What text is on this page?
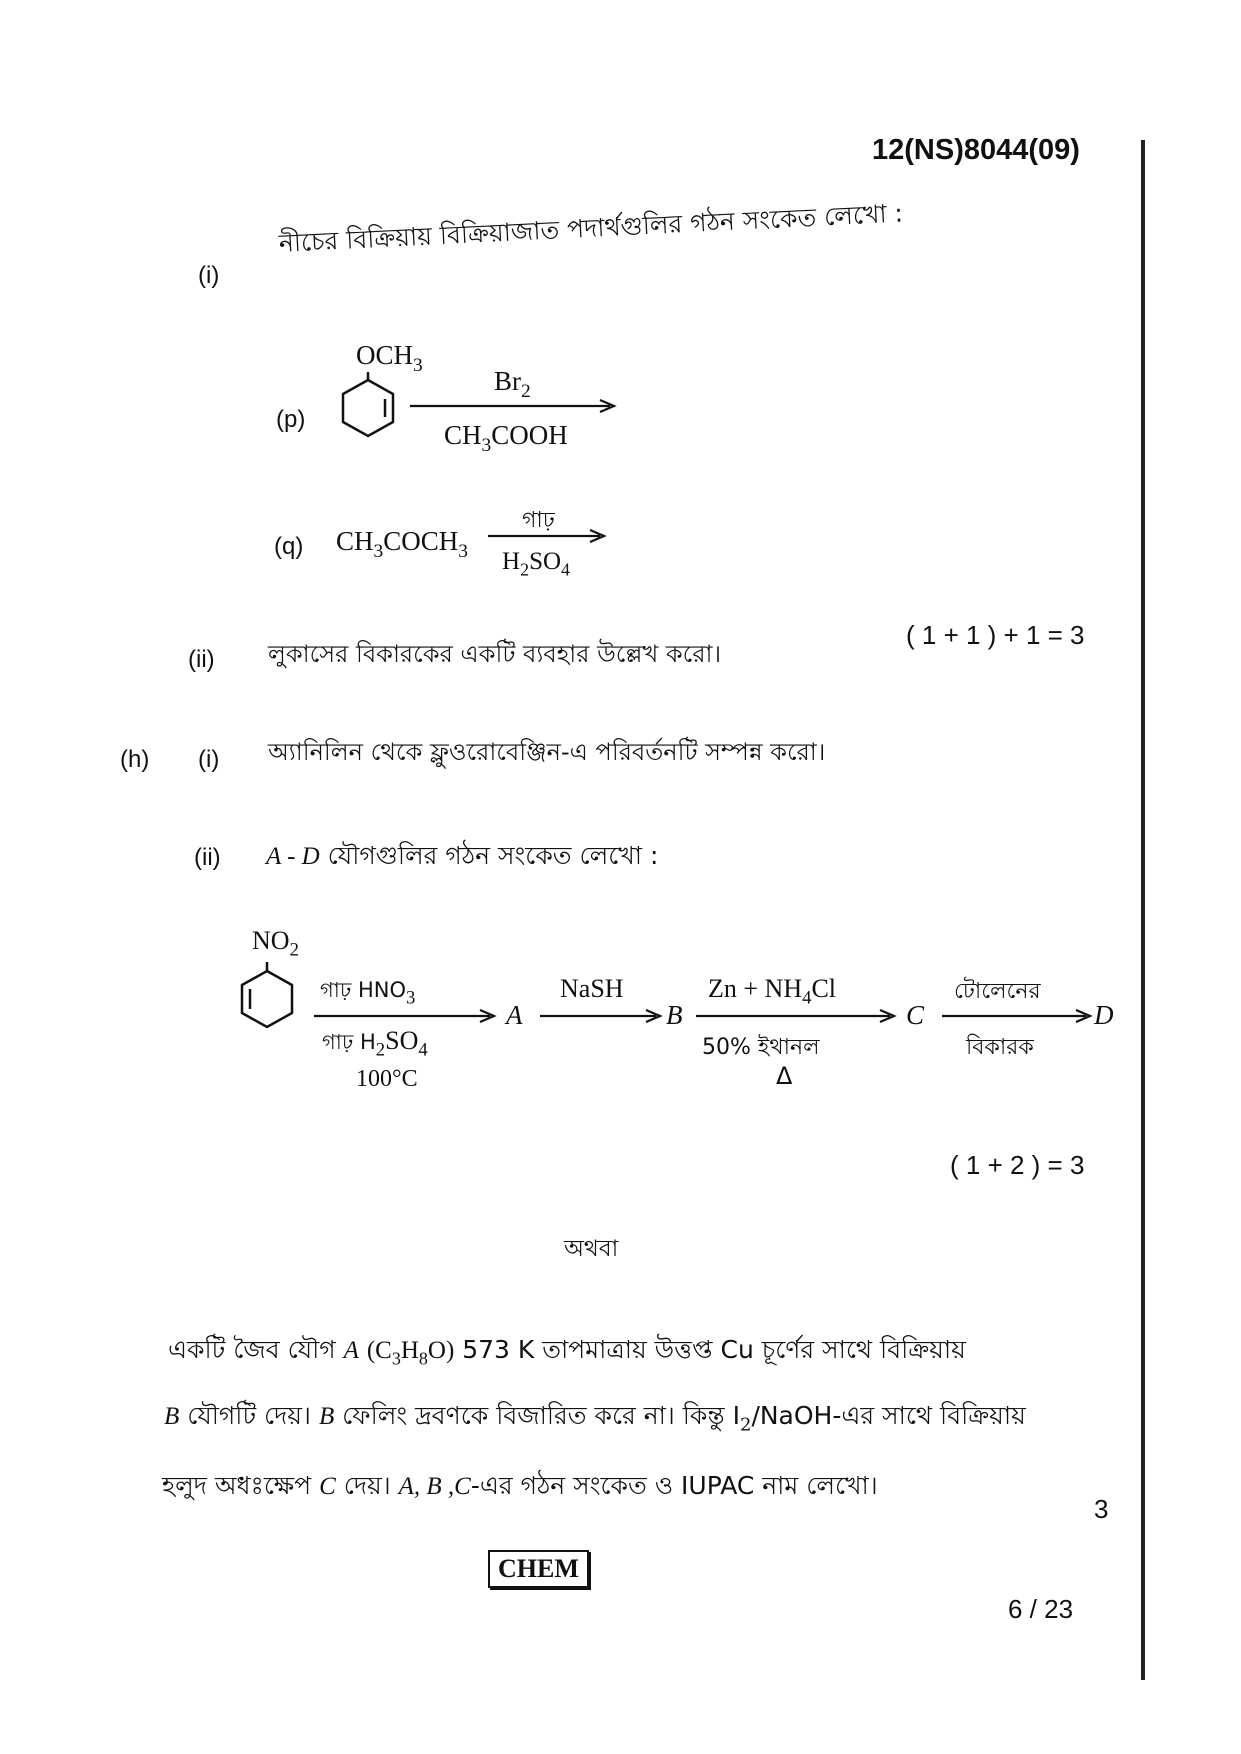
12(NS)8044(09)
(i)
নীচের বিক্রিয়ায় বিক্রিয়াজাত পদার্থগুলির গঠন সংকেত লেখো :
(p)
$OCH_3$
$Br_2$
$CH_3COOH$
(q) $CH_3COCH_3$
গাঢ়
$H_2SO_4$
(ii) লুকাসের বিকারকের একটি ব্যবহার উল্লেখ করো।
( 1 + 1 ) + 1 = 3
(h) (i) অ্যানিলিন থেকে ফ্লুওরোবেঞ্জিন-এ পরিবর্তনটি সম্পন্ন করো।
(ii) A - D যৌগগুলির গঠন সংকেত লেখো :
$NO_2$
গাঢ় $HNO_3$
গাঢ় $H_2SO_4$
100°C
A
NaSH
B
$Zn + NH_4Cl$
50% ইথানল
Δ
C
টোলেনের
বিকারক
D
( 1 + 2 ) = 3
অথবা
একটি জৈব যৌগ A $(C_3H_8O)$ 573 K তাপমাত্রায় উত্তপ্ত Cu চূর্ণের সাথে বিক্রিয়ায়
B যৌগটি দেয়। B ফেলিং দ্রবণকে বিজারিত করে না। কিন্তু $I_2/NaOH-এর$ সাথে বিক্রিয়ায়
হলুদ অধঃক্ষেপ C দেয়। A, B ,C-এর গঠন সংকেত ও IUPAC নাম লেখো।
3
CHEM
6 / 23
